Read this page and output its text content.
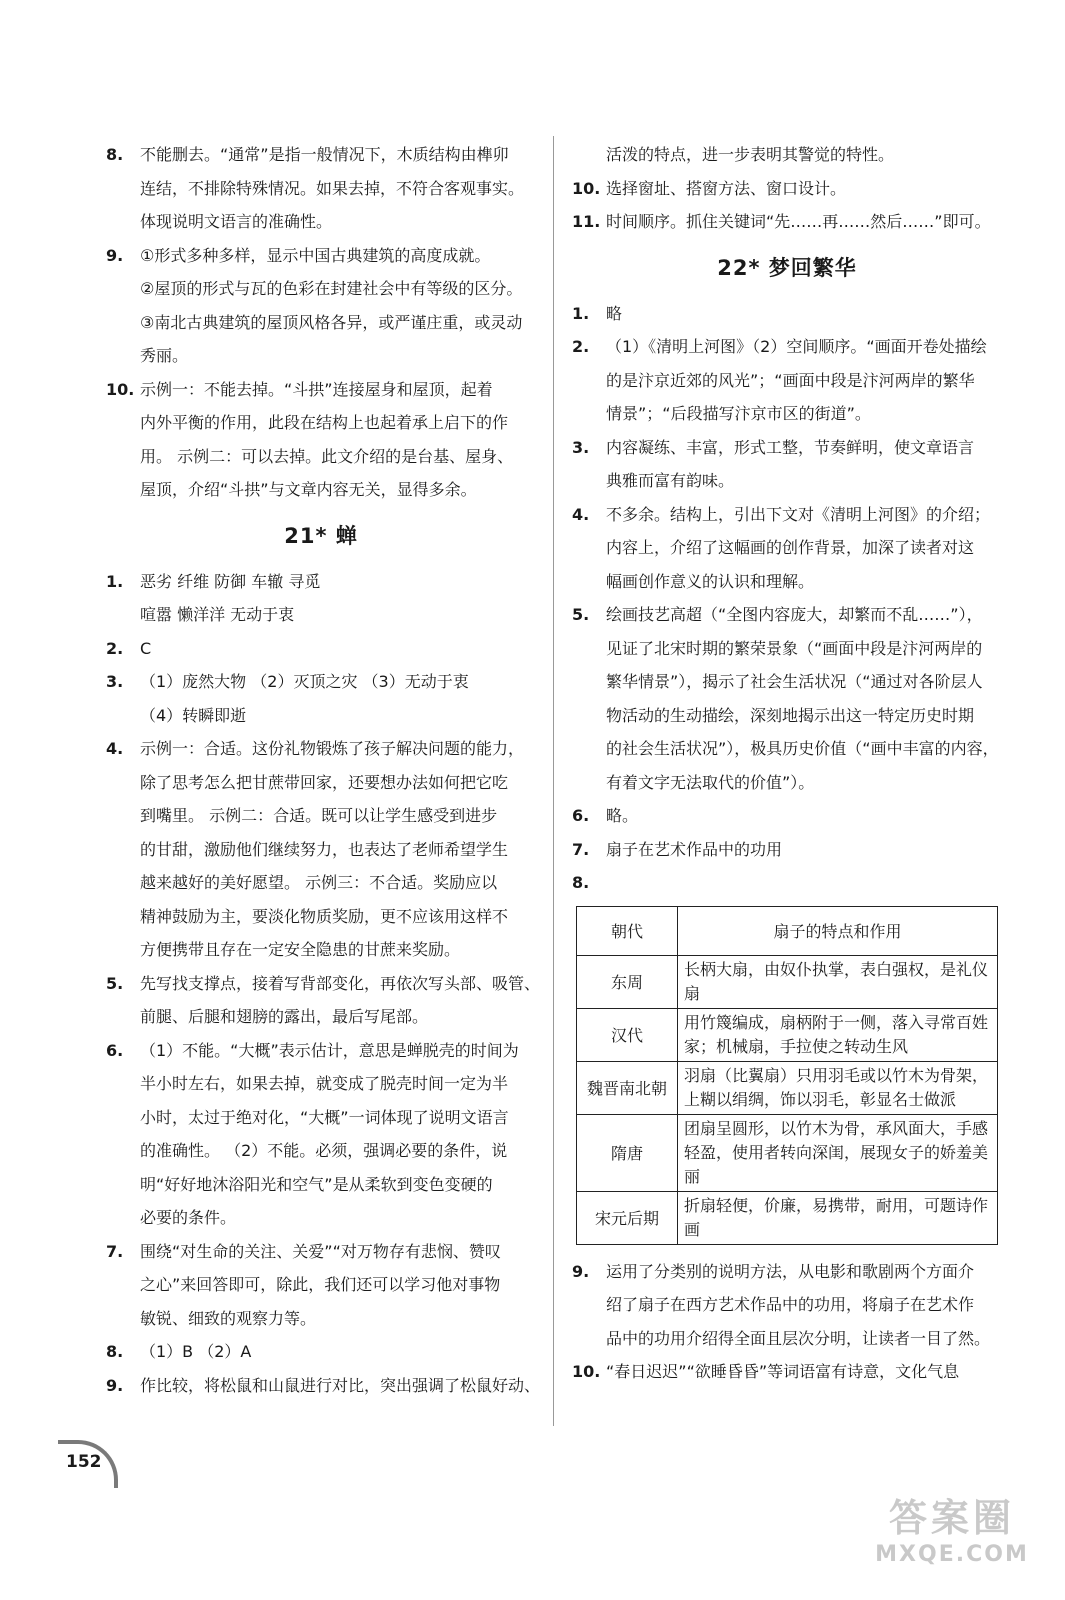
8. 不能删去。“通常”是指一般情况下，木质结构由榫卯
连结，不排除特殊情况。如果去掉，不符合客观事实。
体现说明文语言的准确性。
9. ①形式多种多样，显示中国古典建筑的高度成就。
②屋顶的形式与瓦的色彩在封建社会中有等级的区分。
③南北古典建筑的屋顶风格各异，或严谨庄重，或灵动
秀丽。
10. 示例一：不能去掉。“斗拱”连接屋身和屋顶，起着
内外平衡的作用，此段在结构上也起着承上启下的作
用。 示例二：可以去掉。此文介绍的是台基、屋身、
屋顶，介绍“斗拱”与文章内容无关，显得多余。
21* 蝉
1. 恶劣 纤维 防御 车辙 寻觅
喧嚣 懒洋洋 无动于衷
2. C
3. （1）庞然大物 （2）灭顶之灾 （3）无动于衷
（4）转瞬即逝
4. 示例一：合适。这份礼物锻炼了孩子解决问题的能力，
除了思考怎么把甘蔗带回家，还要想办法如何把它吃
到嘴里。 示例二：合适。既可以让学生感受到进步
的甘甜，激励他们继续努力，也表达了老师希望学生
越来越好的美好愿望。 示例三：不合适。奖励应以
精神鼓励为主，要淡化物质奖励，更不应该用这样不
方便携带且存在一定安全隐患的甘蔗来奖励。
5. 先写找支撑点，接着写背部变化，再依次写头部、吸管、
前腿、后腿和翅膀的露出，最后写尾部。
6. （1）不能。“大概”表示估计，意思是蝉脱壳的时间为
半小时左右，如果去掉，就变成了脱壳时间一定为半
小时，太过于绝对化，“大概”一词体现了说明文语言
的准确性。 （2）不能。必须，强调必要的条件，说
明“好好地沐浴阳光和空气”是从柔软到变色变硬的
必要的条件。
7. 围绕“对生命的关注、关爱”“对万物存有悲悯、赞叹
之心”来回答即可，除此，我们还可以学习他对事物
敏锐、细致的观察力等。
8. （1）B （2）A
9. 作比较，将松鼠和山鼠进行对比，突出强调了松鼠好动、
活泼的特点，进一步表明其警觉的特性。
10. 选择窗址、搭窗方法、窗口设计。
11. 时间顺序。抓住关键词“先……再……然后……”即可。
22* 梦回繁华
1. 略
2. （1）《清明上河图》（2）空间顺序。“画面开卷处描绘
的是汴京近郊的风光”；“画面中段是汴河两岸的繁华
情景”；“后段描写汴京市区的街道”。
3. 内容凝练、丰富，形式工整，节奏鲜明，使文章语言
典雅而富有韵味。
4. 不多余。结构上，引出下文对《清明上河图》的介绍；
内容上，介绍了这幅画的创作背景，加深了读者对这
幅画创作意义的认识和理解。
5. 绘画技艺高超（“全图内容庞大，却繁而不乱……”），
见证了北宋时期的繁荣景象（“画面中段是汴河两岸的
繁华情景”），揭示了社会生活状况（“通过对各阶层人
物活动的生动描绘，深刻地揭示出这一特定历史时期
的社会生活状况”），极具历史价值（“画中丰富的内容，
有着文字无法取代的价值”）。
6. 略。
7. 扇子在艺术作品中的功用
8.
朝代	扇子的特点和作用
东周	长柄大扇，由奴仆执掌，表白强权，是礼仪扇
汉代	用竹篾编成，扇柄附于一侧，落入寻常百姓家；机械扇，手拉使之转动生风
魏晋南北朝	羽扇（比翼扇）只用羽毛或以竹木为骨架，上糊以绢绸，饰以羽毛，彰显名士做派
隋唐	团扇呈圆形，以竹木为骨，承风面大，手感轻盈，使用者转向深闺，展现女子的娇羞美丽
宋元后期	折扇轻便，价廉，易携带，耐用，可题诗作画
9. 运用了分类别的说明方法，从电影和歌剧两个方面介
绍了扇子在西方艺术作品中的功用，将扇子在艺术作
品中的功用介绍得全面且层次分明，让读者一目了然。
10. “春日迟迟”“欲睡昏昏”等词语富有诗意，文化气息
152
答案圈
MXQE.COM
